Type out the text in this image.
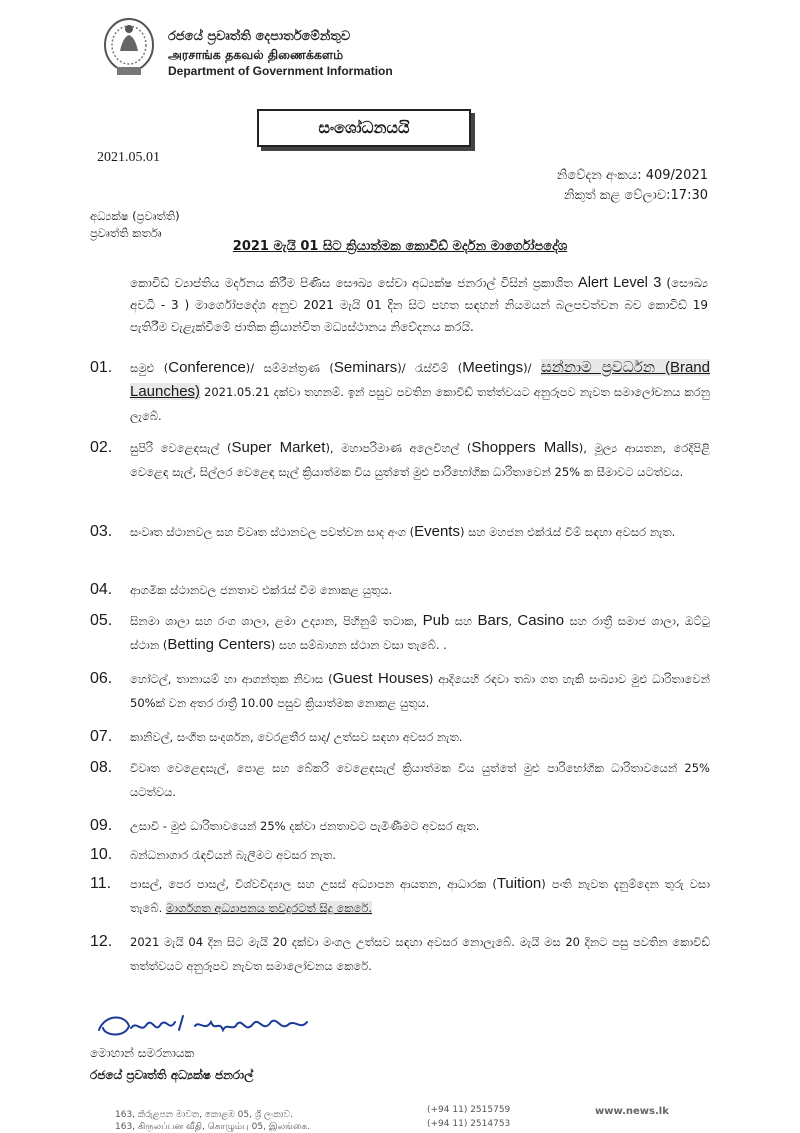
රජයේ ප්‍රවෘත්ති දෙපාර්තමේන්තුව
அரசாங்க தகவல் திணைக்களம்
Department of Government Information
සංශෝධනයයි
2021.05.01
නිවේදන අංකය: 409/2021
නිකුත් කළ වේලාව:17:30
අධ්‍යක්ෂ (ප්‍රවෘත්ති)
ප්‍රවෘත්ති කර්තෘ
2021 මැයි 01 සිට ක්‍රියාත්මක කොවිඩ් මර්දන මාර්ගෝපදේශ
කොවිඩ් ව්‍යාප්තිය මර්දනය කිරීම පිණිස සෞඛ්‍ය සේවා අධ්‍යක්ෂ ජනරාල් විසින් ප්‍රකාශිත Alert Level 3 (සෞඛ්‍ය අවධි - 3 ) මාර්ගෝපදේශ අනුව 2021 මැයි 01 දින සිට පහත සඳහන් නියමයන් බලපවත්වන බව කොවිඩ් 19 පැතිරීම වැළැක්වීමේ ජාතික ක්‍රියාන්විත මධ්‍යස්ථානය නිවේදනය කරයි.
01.	සමුළු (Conference)/ සම්මන්ත්‍රණ (Seminars)/ රැස්වීම් (Meetings)/ සන්නාම ප්‍රවර්ධන (Brand Launches) 2021.05.21 දක්වා තහනම්. ඉන් පසුව පවතින කොවිඩ් තත්ත්වයට අනුරූපව නැවත සමාලෝචනය කරනු ලැබේ.
02.	සුපිරි වෙළෙඳසැල් (Super Market), මහාපරිමාණ අලෙවිහල් (Shoppers Malls), මූල්‍ය ආයතන, රෙදිපිළි වෙළෙඳ සැල්, සිල්ලර වෙළෙඳ සැල් ක්‍රියාත්මක විය යුත්තේ මුළු පාරිභෝගික ධාරිතාවෙන් 25% ක සීමාවට යටත්වය.
03.	සංවෘත ස්ථානවල සහ විවෘත ස්ථානවල පවත්වන සාද අංග (Events) සහ මහජන එක්රැස් වීම් සඳහා අවසර නැත.
04.	ආගමික ස්ථානවල ජනතාව එක්රැස් වීම නොකළ යුතුය.
05.	සිනමා ශාලා සහ රංග ශාලා, ළමා උද්‍යාන, පිහිනුම් තටාක, Pub සහ Bars, Casino සහ රාත්‍රී සමාජ ශාලා, ඔට්ටු ස්ථාන (Betting Centers) සහ සම්බාහන ස්ථාන වසා තැබේ. .
06.	හෝටල්, තානායම් හා ආගන්තුක නිවාස (Guest Houses) ආදියෙහි රඳවා තබා ගත හැකි සංඛ්‍යාව මුළු ධාරිතාවෙන් 50%ක් වන අතර රාත්‍රී 10.00 පසුව ක්‍රියාත්මක නොකළ යුතුය.
07.	කානිවල්, සංගීත සංදර්ශන, වෙරළතීර සාද/ උත්සව සඳහා අවසර නැත.
08.	විවෘත වෙළෙඳසැල්, පොළ සහ බේකරි වෙළෙඳසැල් ක්‍රියාත්මක විය යුත්තේ මුළු පාරිභෝගික ධාරිතාවයෙන් 25% යටත්වය.
09.	උසාවි - මුළු ධාරිතාවයෙන් 25% දක්වා ජනතාවට පැමිණීමට අවසර ඇත.
10.	බන්ධනාගාර රැඳවියන් බැලීමට අවසර නැත.
11.	පාසල්, පෙර පාසල්, විශ්වවිද්‍යාල සහ උසස් අධ්‍යාපන ආයතන, ආධාරක (Tuition) පංති නැවත දැනුම්දෙන තුරු වසා තැබේ. මාර්ගගත අධ්‍යාපනය තවදුරටත් සිදු කෙරේ.
12.	2021 මැයි 04 දින සිට මැයි 20 දක්වා මංගල උත්සව සඳහා අවසර නොලැබේ. මැයි මස 20 දිනට පසු පවතින කොවිඩ් තත්ත්වයට අනුරූපව නැවත සමාලෝචනය කෙරේ.
මොහාන් සමරනායක
රජයේ ප්‍රවෘත්ති අධ්‍යක්ෂ ජනරාල්
163, කිරුළපන මාවත, කොළඹ 05, ශ්‍රී ලංකාව.
163, கிருலப்பன வீதி, கொழும்பு 05, இலங்கை.
(+94 11) 2515759
(+94 11) 2514753
www.news.lk
